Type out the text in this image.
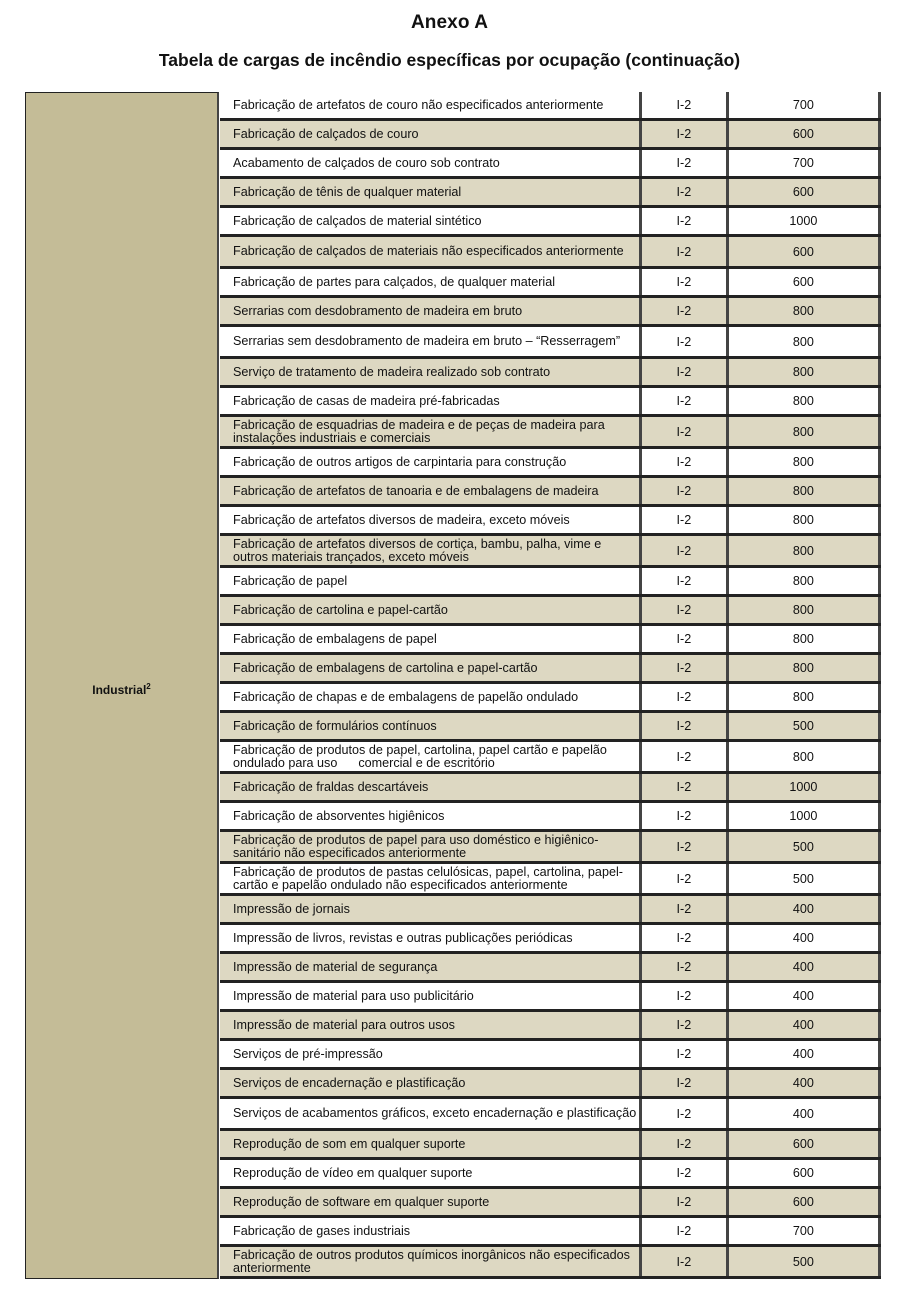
Anexo A
Tabela de cargas de incêndio específicas por ocupação (continuação)
Industrial$^2$
Fabricação de artefatos de couro não especificados anteriormente	I-2	700
Fabricação de calçados de couro	I-2	600
Acabamento de calçados de couro sob contrato	I-2	700
Fabricação de tênis de qualquer material	I-2	600
Fabricação de calçados de material sintético	I-2	1000
Fabricação de calçados de materiais não especificados anteriormente	I-2	600
Fabricação de partes para calçados, de qualquer material	I-2	600
Serrarias com desdobramento de madeira em bruto	I-2	800
Serrarias sem desdobramento de madeira em bruto – “Resserragem”	I-2	800
Serviço de tratamento de madeira realizado sob contrato	I-2	800
Fabricação de casas de madeira pré-fabricadas	I-2	800
Fabricação de esquadrias de madeira e de peças de madeira para instalações industriais e comerciais	I-2	800
Fabricação de outros artigos de carpintaria para construção	I-2	800
Fabricação de artefatos de tanoaria e de embalagens de madeira	I-2	800
Fabricação de artefatos diversos de madeira, exceto móveis	I-2	800
Fabricação de artefatos diversos de cortiça, bambu, palha, vime e outros materiais trançados, exceto móveis	I-2	800
Fabricação de papel	I-2	800
Fabricação de cartolina e papel-cartão	I-2	800
Fabricação de embalagens de papel	I-2	800
Fabricação de embalagens de cartolina e papel-cartão	I-2	800
Fabricação de chapas e de embalagens de papelão ondulado	I-2	800
Fabricação de formulários contínuos	I-2	500
Fabricação de produtos de papel, cartolina, papel cartão e papelão ondulado para uso      comercial e de escritório	I-2	800
Fabricação de fraldas descartáveis	I-2	1000
Fabricação de absorventes higiênicos	I-2	1000
Fabricação de produtos de papel para uso doméstico e higiênico-sanitário não especificados anteriormente	I-2	500
Fabricação de produtos de pastas celulósicas, papel, cartolina, papel-cartão e papelão ondulado não especificados anteriormente	I-2	500
Impressão de jornais	I-2	400
Impressão de livros, revistas e outras publicações periódicas	I-2	400
Impressão de material de segurança	I-2	400
Impressão de material para uso publicitário	I-2	400
Impressão de material para outros usos	I-2	400
Serviços de pré-impressão	I-2	400
Serviços de encadernação e plastificação	I-2	400
Serviços de acabamentos gráficos, exceto encadernação e plastificação	I-2	400
Reprodução de som em qualquer suporte	I-2	600
Reprodução de vídeo em qualquer suporte	I-2	600
Reprodução de software em qualquer suporte	I-2	600
Fabricação de gases industriais	I-2	700
Fabricação de outros produtos químicos inorgânicos não especificados anteriormente	I-2	500
